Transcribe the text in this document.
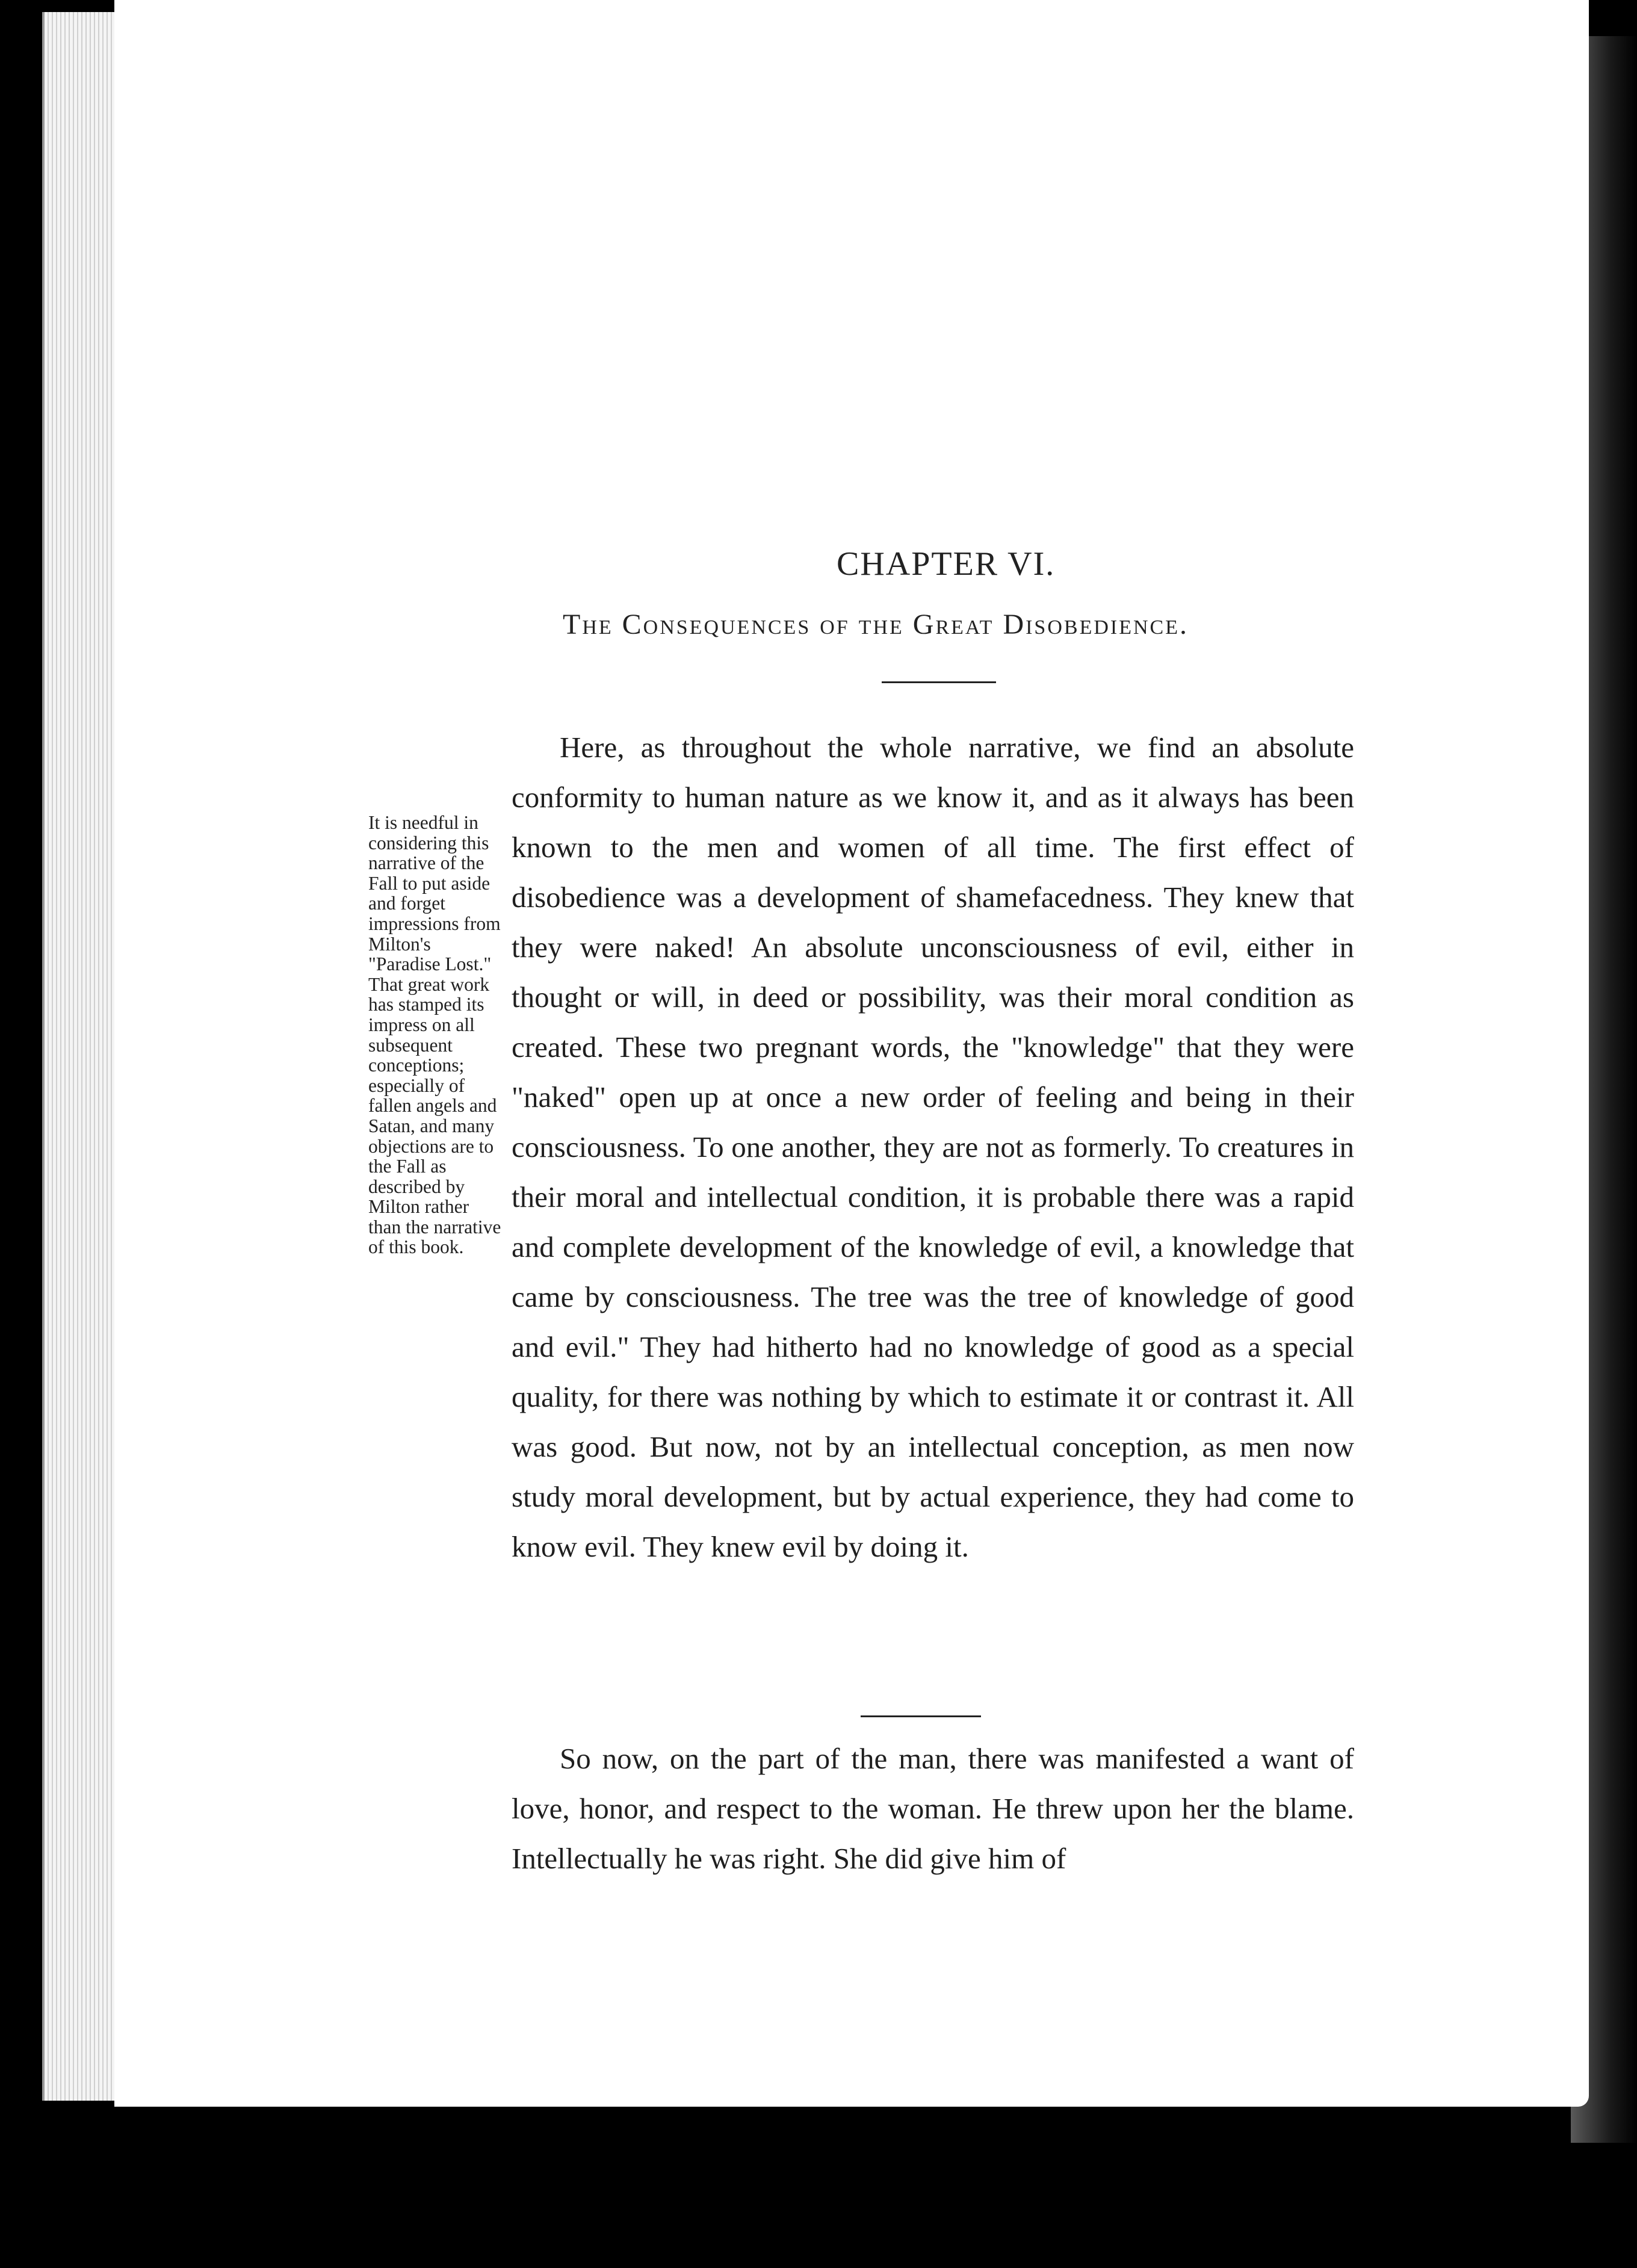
CHAPTER VI.
The Consequences of the Great Disobedience.
It is needful in considering this narrative of the Fall to put aside and forget impressions from Milton's "Paradise Lost." That great work has stamped its impress on all subsequent conceptions; especially of fallen angels and Satan, and many objections are to the Fall as described by Milton rather than the narrative of this book.

Here, as throughout the whole narrative, we find an absolute conformity to human nature as we know it, and as it always has been known to the men and women of all time. The first effect of disobedience was a development of shamefacedness. They knew that they were naked! An absolute unconsciousness of evil, either in thought or will, in deed or possibility, was their moral condition as created. These two pregnant words, the "knowledge" that they were "naked" open up at once a new order of feeling and being in their consciousness. To one another, they are not as formerly. To creatures in their moral and intellectual condition, it is probable there was a rapid and complete development of the knowledge of evil, a knowledge that came by consciousness. The tree was the tree of knowledge of good and evil." They had hitherto had no knowledge of good as a special quality, for there was nothing by which to estimate it or contrast it. All was good. But now, not by an intellectual conception, as men now study moral development, but by actual experience, they had come to know evil. They knew evil by doing it.

So now, on the part of the man, there was manifested a want of love, honor, and respect to the woman. He threw upon her the blame. Intellectually he was right. She did give him of
